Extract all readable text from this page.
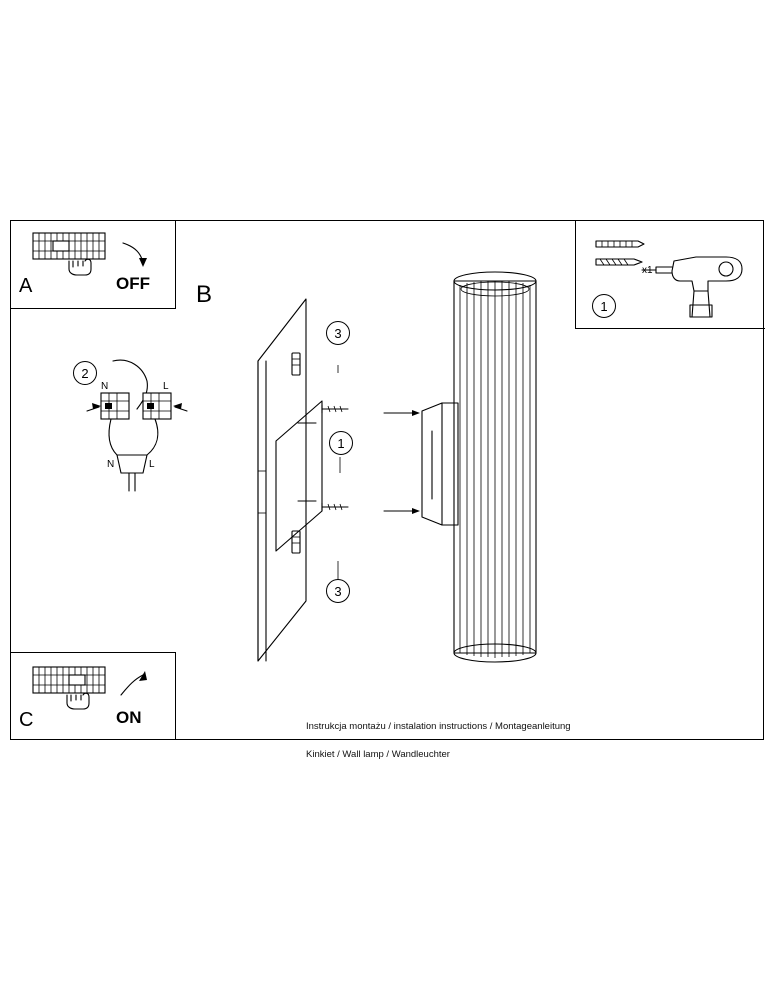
A	OFF
C	ON
x1
1
B
N	L
N	L
2
1
3
3

Instrukcja montażu / instalation instructions / Montageanleitung

Kinkiet / Wall lamp / Wandleuchter
